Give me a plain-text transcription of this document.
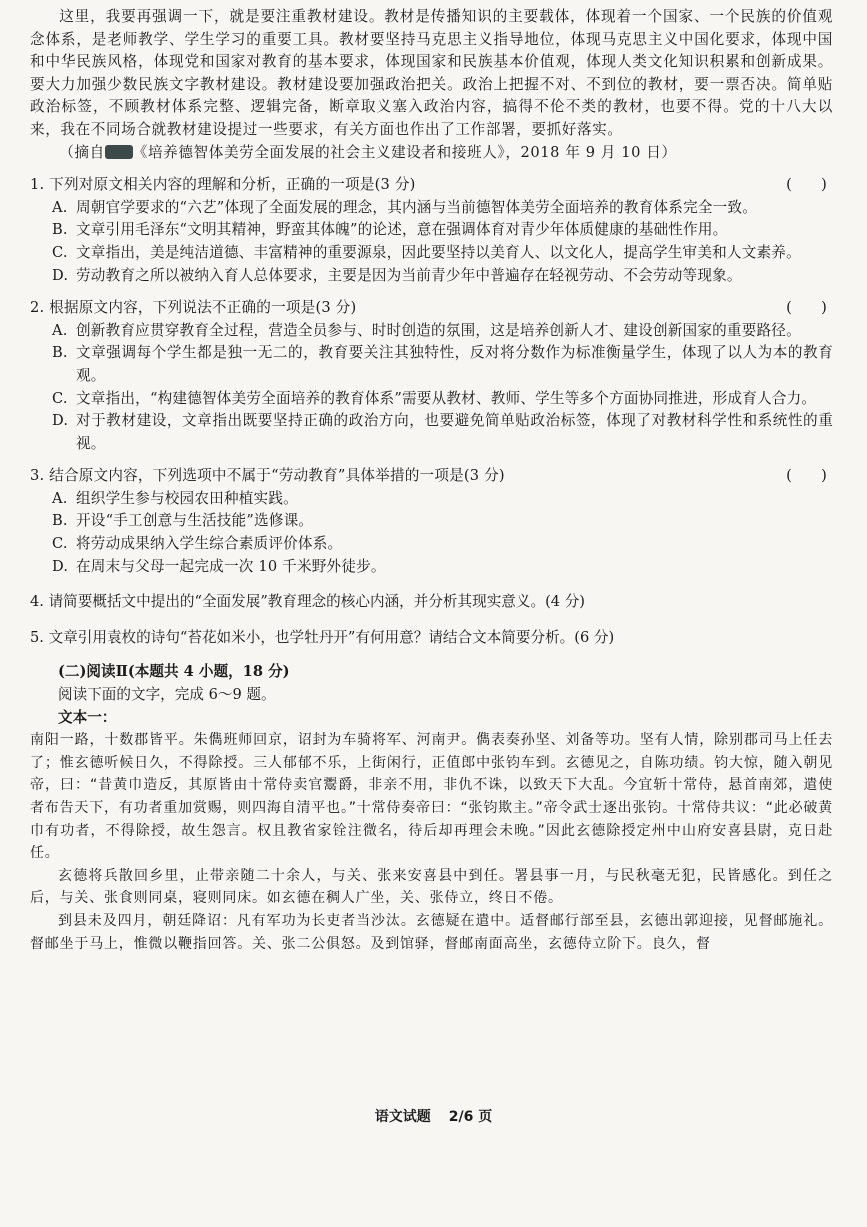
这里，我要再强调一下，就是要注重教材建设。教材是传播知识的主要载体，体现着一个国家、一个民族的价值观念体系，是老师教学、学生学习的重要工具。教材要坚持马克思主义指导地位，体现马克思主义中国化要求，体现中国和中华民族风格，体现党和国家对教育的基本要求，体现国家和民族基本价值观，体现人类文化知识积累和创新成果。要大力加强少数民族文字教材建设。教材建设要加强政治把关。政治上把握不对、不到位的教材，要一票否决。简单贴政治标签，不顾教材体系完整、逻辑完备，断章取义塞入政治内容，搞得不伦不类的教材，也要不得。党的十八大以来，我在不同场合就教材建设提过一些要求，有关方面也作出了工作部署，要抓好落实。

（摘自 《培养德智体美劳全面发展的社会主义建设者和接班人》，2018 年 9 月 10 日）

1. 下列对原文相关内容的理解和分析，正确的一项是(3 分)	(      )
A. 周朝官学要求的“六艺”体现了全面发展的理念，其内涵与当前德智体美劳全面培养的教育体系完全一致。
B. 文章引用毛泽东“文明其精神，野蛮其体魄”的论述，意在强调体育对青少年体质健康的基础性作用。
C. 文章指出，美是纯洁道德、丰富精神的重要源泉，因此要坚持以美育人、以文化人，提高学生审美和人文素养。
D. 劳动教育之所以被纳入育人总体要求，主要是因为当前青少年中普遍存在轻视劳动、不会劳动等现象。
2. 根据原文内容，下列说法不正确的一项是(3 分)	(      )
A. 创新教育应贯穿教育全过程，营造全员参与、时时创造的氛围，这是培养创新人才、建设创新国家的重要路径。
B. 文章强调每个学生都是独一无二的，教育要关注其独特性，反对将分数作为标准衡量学生，体现了以人为本的教育观。
C. 文章指出，“构建德智体美劳全面培养的教育体系”需要从教材、教师、学生等多个方面协同推进，形成育人合力。
D. 对于教材建设，文章指出既要坚持正确的政治方向，也要避免简单贴政治标签，体现了对教材科学性和系统性的重视。
3. 结合原文内容，下列选项中不属于“劳动教育”具体举措的一项是(3 分)	(      )
A. 组织学生参与校园农田种植实践。
B. 开设“手工创意与生活技能”选修课。
C. 将劳动成果纳入学生综合素质评价体系。
D. 在周末与父母一起完成一次 10 千米野外徒步。

4. 请简要概括文中提出的“全面发展”教育理念的核心内涵，并分析其现实意义。(4 分)

5. 文章引用袁枚的诗句“苔花如米小，也学牡丹开”有何用意？请结合文本简要分析。(6 分)

(二)阅读Ⅱ(本题共 4 小题，18 分)

阅读下面的文字，完成 6～9 题。

文本一：

南阳一路，十数郡皆平。朱儁班师回京，诏封为车骑将军、河南尹。儁表奏孙坚、刘备等功。坚有人情，除别郡司马上任去了；惟玄德听候日久，不得除授。三人郁郁不乐，上街闲行，正值郎中张钧车到。玄德见之，自陈功绩。钧大惊，随入朝见帝，曰：“昔黄巾造反，其原皆由十常侍卖官鬻爵，非亲不用，非仇不诛，以致天下大乱。今宜斩十常侍，悬首南郊，遣使者布告天下，有功者重加赏赐，则四海自清平也。”十常侍奏帝曰：“张钧欺主。”帝令武士逐出张钧。十常侍共议：“此必破黄巾有功者，不得除授，故生怨言。权且教省家铨注微名，待后却再理会未晚。”因此玄德除授定州中山府安喜县尉，克日赴任。

玄德将兵散回乡里，止带亲随二十余人，与关、张来安喜县中到任。署县事一月，与民秋毫无犯，民皆感化。到任之后，与关、张食则同桌，寝则同床。如玄德在稠人广坐，关、张侍立，终日不倦。

到县未及四月，朝廷降诏：凡有军功为长吏者当沙汰。玄德疑在遣中。适督邮行部至县，玄德出郭迎接，见督邮施礼。督邮坐于马上，惟微以鞭指回答。关、张二公俱怒。及到馆驿，督邮南面高坐，玄德侍立阶下。良久，督

语文试题 2/6 页
